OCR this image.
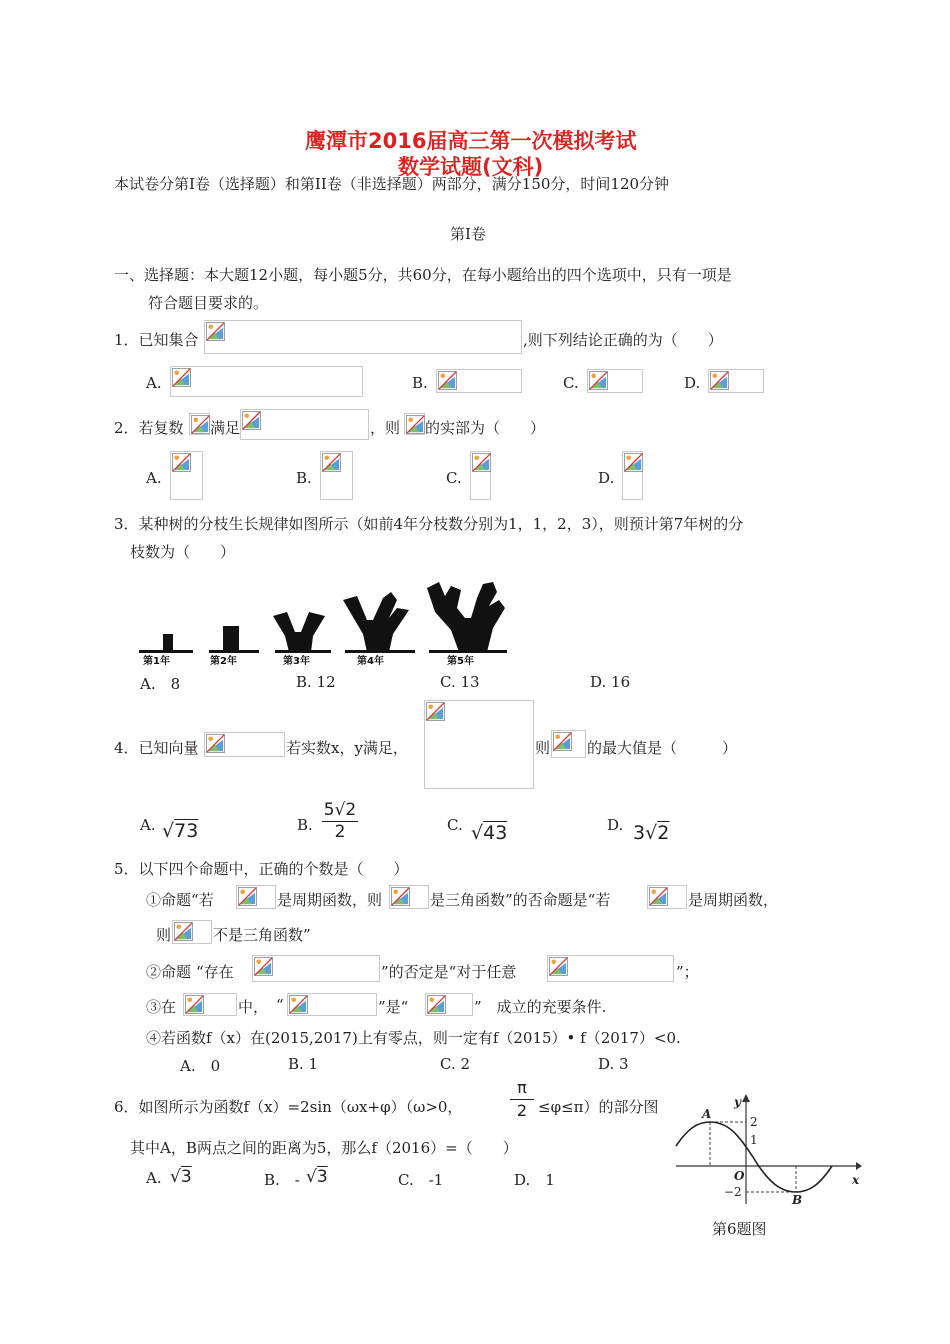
鹰潭市2016届高三第一次模拟考试
数学试题(文科)
本试卷分第Ⅰ卷（选择题）和第II卷（非选择题）两部分，满分150分，时间120分钟
第Ⅰ卷
一、选择题：本大题12小题，每小题5分，共60分，在每小题给出的四个选项中，只有一项是
符合题目要求的。
1．已知集合	,则下列结论正确的为（　　）
A.	B.	C.	D.
2．若复数 满足	，则 的实部为（　　）
A.	B.	C.	D.
3．某种树的分枝生长规律如图所示（如前4年分枝数分别为1，1，2，3），则预计第7年树的分
枝数为（　　）
第1年	第2年	第3年	第4年	第5年
A.　8	B. 12	C. 13	D. 16
4．已知向量	若实数x，y满足，	则 的最大值是（　　　）
A. √73	B. $\frac{5√2}{2}$	C. √43	D. 3√2
5．以下四个命题中，正确的个数是（　　）
①命题“若	是周期函数，则	是三角函数”的否命题是“若	是周期函数，
则	不是三角函数”
②命题 “存在	”的否定是“对于任意	”；
③在	中， “	”是“	”　成立的充要条件.
④若函数f（x）在(2015,2017)上有零点，则一定有f（2015）• f（2017）<0.
A.　0	B. 1	C. 2	D. 3
6．如图所示为函数f（x）=2sin（ωx+φ）（ω>0，	$\frac{\pi}{2} \le\varphi\le\pi$）的部分图
其中A，B两点之间的距离为5，那么f（2016）=（　　）
A. √3	B.　- √3	C.　-1	D.　1
A
B
2
1
−2
O	x
y
第6题图
